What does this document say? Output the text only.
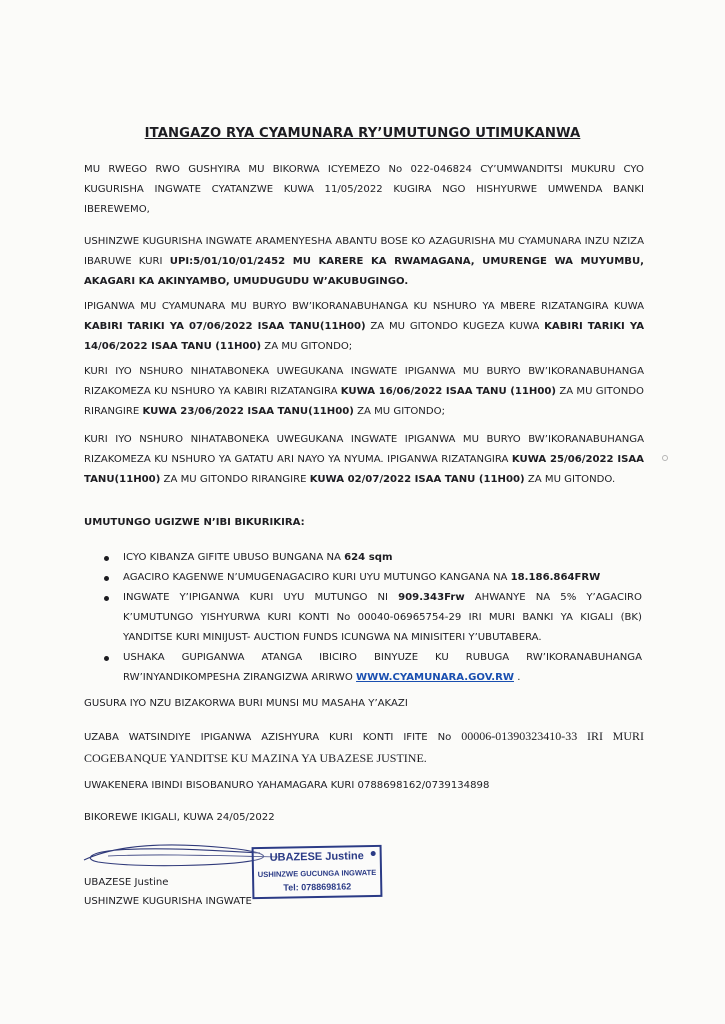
ITANGAZO RYA CYAMUNARA RY’UMUTUNGO UTIMUKANWA

MU RWEGO RWO GUSHYIRA MU BIKORWA ICYEMEZO No 022-046824 CY’UMWANDITSI MUKURU CYO KUGURISHA INGWATE CYATANZWE KUWA 11/05/2022 KUGIRA NGO HISHYURWE UMWENDA BANKI IBEREWEMO,

USHINZWE KUGURISHA INGWATE ARAMENYESHA ABANTU BOSE KO AZAGURISHA MU CYAMUNARA INZU NZIZA IBARUWE KURI UPI:5/01/10/01/2452 MU KARERE KA RWAMAGANA, UMURENGE WA MUYUMBU, AKAGARI KA AKINYAMBO, UMUDUGUDU W’AKUBUGINGO.

IPIGANWA MU CYAMUNARA MU BURYO BW’IKORANABUHANGA KU NSHURO YA MBERE RIZATANGIRA KUWA KABIRI TARIKI YA 07/06/2022 ISAA TANU(11H00) ZA MU GITONDO KUGEZA KUWA KABIRI TARIKI YA 14/06/2022 ISAA TANU (11H00) ZA MU GITONDO;

KURI IYO NSHURO NIHATABONEKA UWEGUKANA INGWATE IPIGANWA MU BURYO BW’IKORANABUHANGA RIZAKOMEZA KU NSHURO YA KABIRI RIZATANGIRA KUWA 16/06/2022 ISAA TANU (11H00) ZA MU GITONDO RIRANGIRE KUWA 23/06/2022 ISAA TANU(11H00) ZA MU GITONDO;

KURI IYO NSHURO NIHATABONEKA UWEGUKANA INGWATE IPIGANWA MU BURYO BW’IKORANABUHANGA RIZAKOMEZA KU NSHURO YA GATATU ARI NAYO YA NYUMA. IPIGANWA RIZATANGIRA KUWA 25/06/2022 ISAA TANU(11H00) ZA MU GITONDO RIRANGIRE KUWA 02/07/2022 ISAA TANU (11H00) ZA MU GITONDO.

UMUTUNGO UGIZWE N’IBI BIKURIKIRA:
ICYO KIBANZA GIFITE UBUSO BUNGANA NA 624 sqm
AGACIRO KAGENWE N’UMUGENAGACIRO KURI UYU MUTUNGO KANGANA NA 18.186.864FRW
INGWATE Y’IPIGANWA KURI UYU MUTUNGO NI 909.343Frw AHWANYE NA 5% Y’AGACIRO K’UMUTUNGO YISHYURWA KURI KONTI No 00040-06965754-29 IRI MURI BANKI YA KIGALI (BK) YANDITSE KURI MINIJUST- AUCTION FUNDS ICUNGWA NA MINISITERI Y’UBUTABERA.
USHAKA GUPIGANWA ATANGA IBICIRO BINYUZE KU RUBUGA RW’IKORANABUHANGA RW’INYANDIKOMPESHA ZIRANGIZWA ARIRWO WWW.CYAMUNARA.GOV.RW .

GUSURA IYO NZU BIZAKORWA BURI MUNSI MU MASAHA Y’AKAZI

UZABA WATSINDIYE IPIGANWA AZISHYURA KURI KONTI IFITE No 00006-01390323410-33 IRI MURI COGEBANQUE YANDITSE KU MAZINA YA UBAZESE JUSTINE.

UWAKENERA IBINDI BISOBANURO YAHAMAGARA KURI 0788698162/0739134898

BIKOREWE IKIGALI, KUWA 24/05/2022

UBAZESE Justine
USHINZWE KUGURISHA INGWATE
UBAZESE Justine
USHINZWE GUCUNGA INGWATE
Tel: 0788698162
